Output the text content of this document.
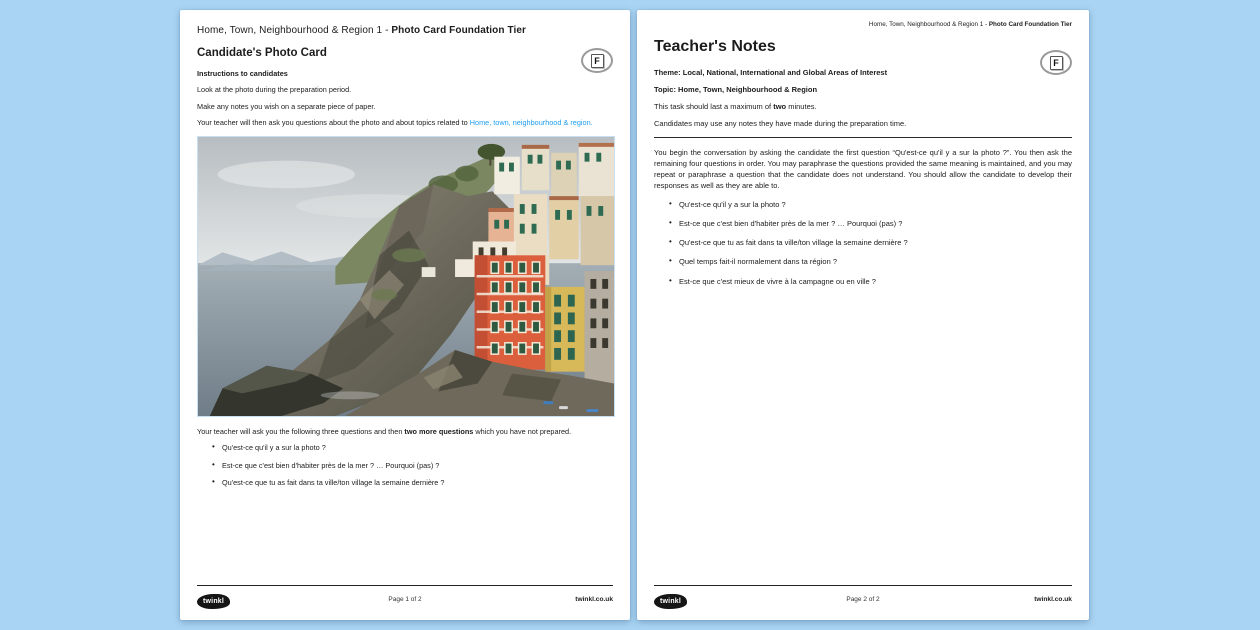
Home, Town, Neighbourhood & Region 1 - Photo Card Foundation Tier
Candidate's Photo Card
F
Instructions to candidates
Look at the photo during the preparation period.
Make any notes you wish on a separate piece of paper.
Your teacher will then ask you questions about the photo and about topics related to Home, town, neighbourhood & region.
Your teacher will ask you the following three questions and then two more questions which you have not prepared.
• Qu'est-ce qu'il y a sur la photo ?
• Est-ce que c'est bien d'habiter près de la mer ? … Pourquoi (pas) ?
• Qu'est-ce que tu as fait dans ta ville/ton village la semaine dernière ?
twinkl	Page 1 of 2	twinkl.co.uk
Home, Town, Neighbourhood & Region 1 - Photo Card Foundation Tier
Teacher's Notes
F
Theme: Local, National, International and Global Areas of Interest
Topic: Home, Town, Neighbourhood & Region
This task should last a maximum of two minutes.
Candidates may use any notes they have made during the preparation time.
You begin the conversation by asking the candidate the first question “Qu'est-ce qu'il y a sur la photo ?”. You then ask the remaining four questions in order. You may paraphrase the questions provided the same meaning is maintained, and you may repeat or paraphrase a question that the candidate does not understand. You should allow the candidate to develop their responses as well as they are able to.
• Qu'est-ce qu'il y a sur la photo ?
• Est-ce que c'est bien d'habiter près de la mer ? … Pourquoi (pas) ?
• Qu'est-ce que tu as fait dans ta ville/ton village la semaine dernière ?
• Quel temps fait-il normalement dans ta région ?
• Est-ce que c'est mieux de vivre à la campagne ou en ville ?
twinkl	Page 2 of 2	twinkl.co.uk
